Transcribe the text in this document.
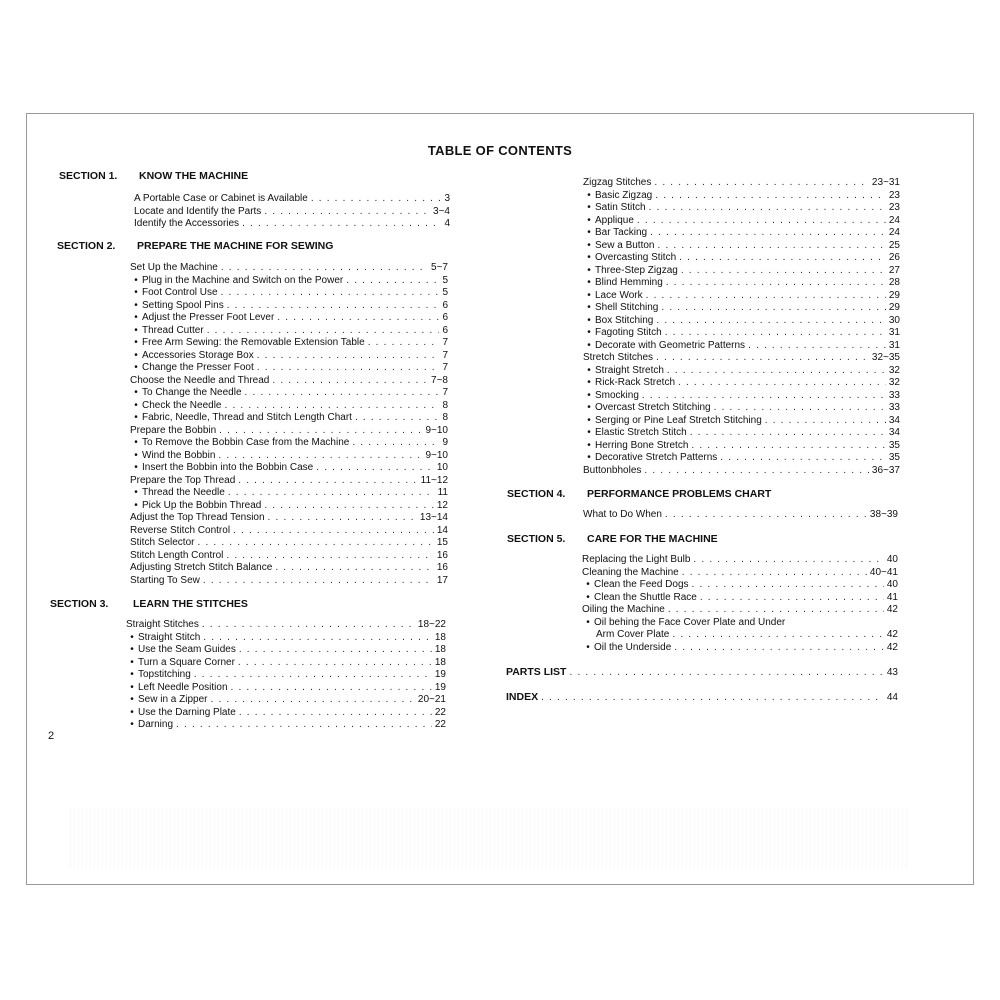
TABLE OF CONTENTS
SECTION 1. KNOW THE MACHINE
SECTION 2. PREPARE THE MACHINE FOR SEWING
SECTION 3. LEARN THE STITCHES
SECTION 4. PERFORMANCE PROBLEMS CHART
SECTION 5. CARE FOR THE MACHINE
A Portable Case or Cabinet is Available . . .	3
Locate and Identify the Parts . . .	3~4
Identify the Accessories . . .	4
Set Up the Machine . . .	5~7
• Plug in the Machine and Switch on the Power . . .	5
• Foot Control Use . . .	5
• Setting Spool Pins . . .	6
• Adjust the Presser Foot Lever . . .	6
• Thread Cutter . . .	6
• Free Arm Sewing: the Removable Extension Table . . .	7
• Accessories Storage Box . . .	7
• Change the Presser Foot . . .	7
Choose the Needle and Thread . . .	7~8
• To Change the Needle . . .	7
• Check the Needle . . .	8
• Fabric, Needle, Thread and Stitch Length Chart . . .	8
Prepare the Bobbin . . .	9~10
• To Remove the Bobbin Case from the Machine . . .	9
• Wind the Bobbin . . .	9~10
• Insert the Bobbin into the Bobbin Case . . .	10
Prepare the Top Thread . . .	11~12
• Thread the Needle . . .	11
• Pick Up the Bobbin Thread . . .	12
Adjust the Top Thread Tension . . .	13~14
Reverse Stitch Control . . .	14
Stitch Selector . . .	15
Stitch Length Control . . .	16
Adjusting Stretch Stitch Balance . . .	16
Starting To Sew . . .	17
Straight Stitches . . .	18~22
• Straight Stitch . . .	18
• Use the Seam Guides . . .	18
• Turn a Square Corner . . .	18
• Topstitching . . .	19
• Left Needle Position . . .	19
• Sew in a Zipper . . .	20~21
• Use the Darning Plate . . .	22
• Darning . . .	22
Zigzag Stitches . . .	23~31
• Basic Zigzag . . .	23
• Satin Stitch . . .	23
• Applique . . .	24
• Bar Tacking . . .	24
• Sew a Button . . .	25
• Overcasting Stitch . . .	26
• Three-Step Zigzag . . .	27
• Blind Hemming . . .	28
• Lace Work . . .	29
• Shell Stitching . . .	29
• Box Stitching . . .	30
• Fagoting Stitch . . .	31
• Decorate with Geometric Patterns . . .	31
Stretch Stitches . . .	32~35
• Straight Stretch . . .	32
• Rick-Rack Stretch . . .	32
• Smocking . . .	33
• Overcast Stretch Stitching . . .	33
• Serging or Pine Leaf Stretch Stitching . . .	34
• Elastic Stretch Stitch . . .	34
• Herring Bone Stretch . . .	35
• Decorative Stretch Patterns . . .	35
Buttonbholes . . .	36~37
What to Do When . . .	38~39
Replacing the Light Bulb . . .	40
Cleaning the Machine . . .	40~41
• Clean the Feed Dogs . . .	40
• Clean the Shuttle Race . . .	41
Oiling the Machine . . .	42
• Oil behing the Face Cover Plate and Under
Arm Cover Plate . . .	42
• Oil the Underside . . .	42
PARTS LIST . . .	43
INDEX . . .	44
2
